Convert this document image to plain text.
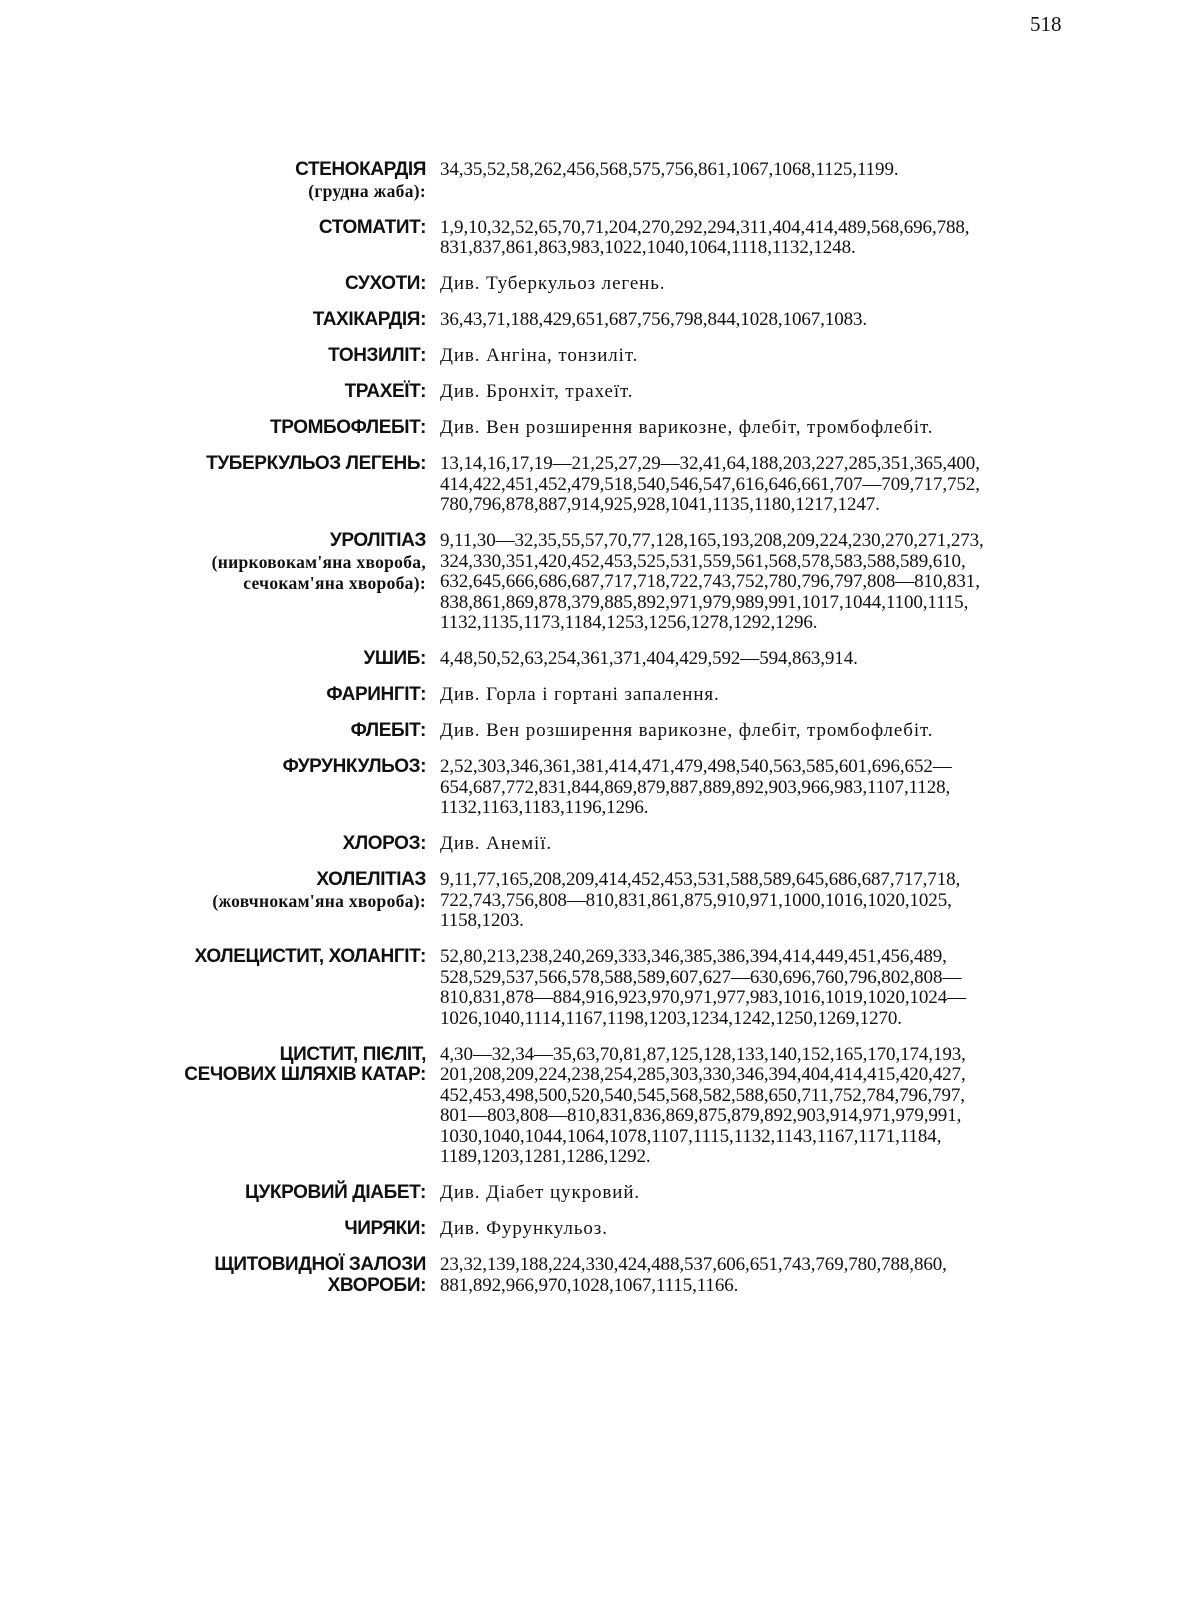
518
СТЕНОКАРДІЯ
(грудна жаба):
34,35,52,58,262,456,568,575,756,861,1067,1068,1125,1199.
СТОМАТИТ: 1,9,10,32,52,65,70,71,204,270,292,294,311,404,414,489,568,696,788,
831,837,861,863,983,1022,1040,1064,1118,1132,1248.
СУХОТИ: Див. Туберкульоз легень.
ТАХІКАРДІЯ: 36,43,71,188,429,651,687,756,798,844,1028,1067,1083.
ТОНЗИЛІТ: Див. Ангіна, тонзиліт.
ТРАХЕЇТ: Див. Бронхіт, трахеїт.
ТРОМБОФЛЕБІТ: Див. Вен розширення варикозне, флебіт, тромбофлебіт.
ТУБЕРКУЛЬОЗ ЛЕГЕНЬ: 13,14,16,17,19—21,25,27,29—32,41,64,188,203,227,285,351,365,400,
414,422,451,452,479,518,540,546,547,616,646,661,707—709,717,752,
780,796,878,887,914,925,928,1041,1135,1180,1217,1247.
УРОЛІТІАЗ
(нирковокам'яна хвороба,
сечокам'яна хвороба):
9,11,30—32,35,55,57,70,77,128,165,193,208,209,224,230,270,271,273,
324,330,351,420,452,453,525,531,559,561,568,578,583,588,589,610,
632,645,666,686,687,717,718,722,743,752,780,796,797,808—810,831,
838,861,869,878,379,885,892,971,979,989,991,1017,1044,1100,1115,
1132,1135,1173,1184,1253,1256,1278,1292,1296.
УШИБ: 4,48,50,52,63,254,361,371,404,429,592—594,863,914.
ФАРИНГІТ: Див. Горла і гортані запалення.
ФЛЕБІТ: Див. Вен розширення варикозне, флебіт, тромбофлебіт.
ФУРУНКУЛЬОЗ: 2,52,303,346,361,381,414,471,479,498,540,563,585,601,696,652—
654,687,772,831,844,869,879,887,889,892,903,966,983,1107,1128,
1132,1163,1183,1196,1296.
ХЛОРОЗ: Див. Анемії.
ХОЛЕЛІТІАЗ
(жовчнокам'яна хвороба):
9,11,77,165,208,209,414,452,453,531,588,589,645,686,687,717,718,
722,743,756,808—810,831,861,875,910,971,1000,1016,1020,1025,
1158,1203.
ХОЛЕЦИСТИТ, ХОЛАНГІТ: 52,80,213,238,240,269,333,346,385,386,394,414,449,451,456,489,
528,529,537,566,578,588,589,607,627—630,696,760,796,802,808—
810,831,878—884,916,923,970,971,977,983,1016,1019,1020,1024—
1026,1040,1114,1167,1198,1203,1234,1242,1250,1269,1270.
ЦИСТИТ, ПІЄЛІТ,
СЕЧОВИХ ШЛЯХІВ КАТАР:
4,30—32,34—35,63,70,81,87,125,128,133,140,152,165,170,174,193,
201,208,209,224,238,254,285,303,330,346,394,404,414,415,420,427,
452,453,498,500,520,540,545,568,582,588,650,711,752,784,796,797,
801—803,808—810,831,836,869,875,879,892,903,914,971,979,991,
1030,1040,1044,1064,1078,1107,1115,1132,1143,1167,1171,1184,
1189,1203,1281,1286,1292.
ЦУКРОВИЙ ДІАБЕТ: Див. Діабет цукровий.
ЧИРЯКИ: Див. Фурункульоз.
ЩИТОВИДНОЇ ЗАЛОЗИ
ХВОРОБИ:
23,32,139,188,224,330,424,488,537,606,651,743,769,780,788,860,
881,892,966,970,1028,1067,1115,1166.
